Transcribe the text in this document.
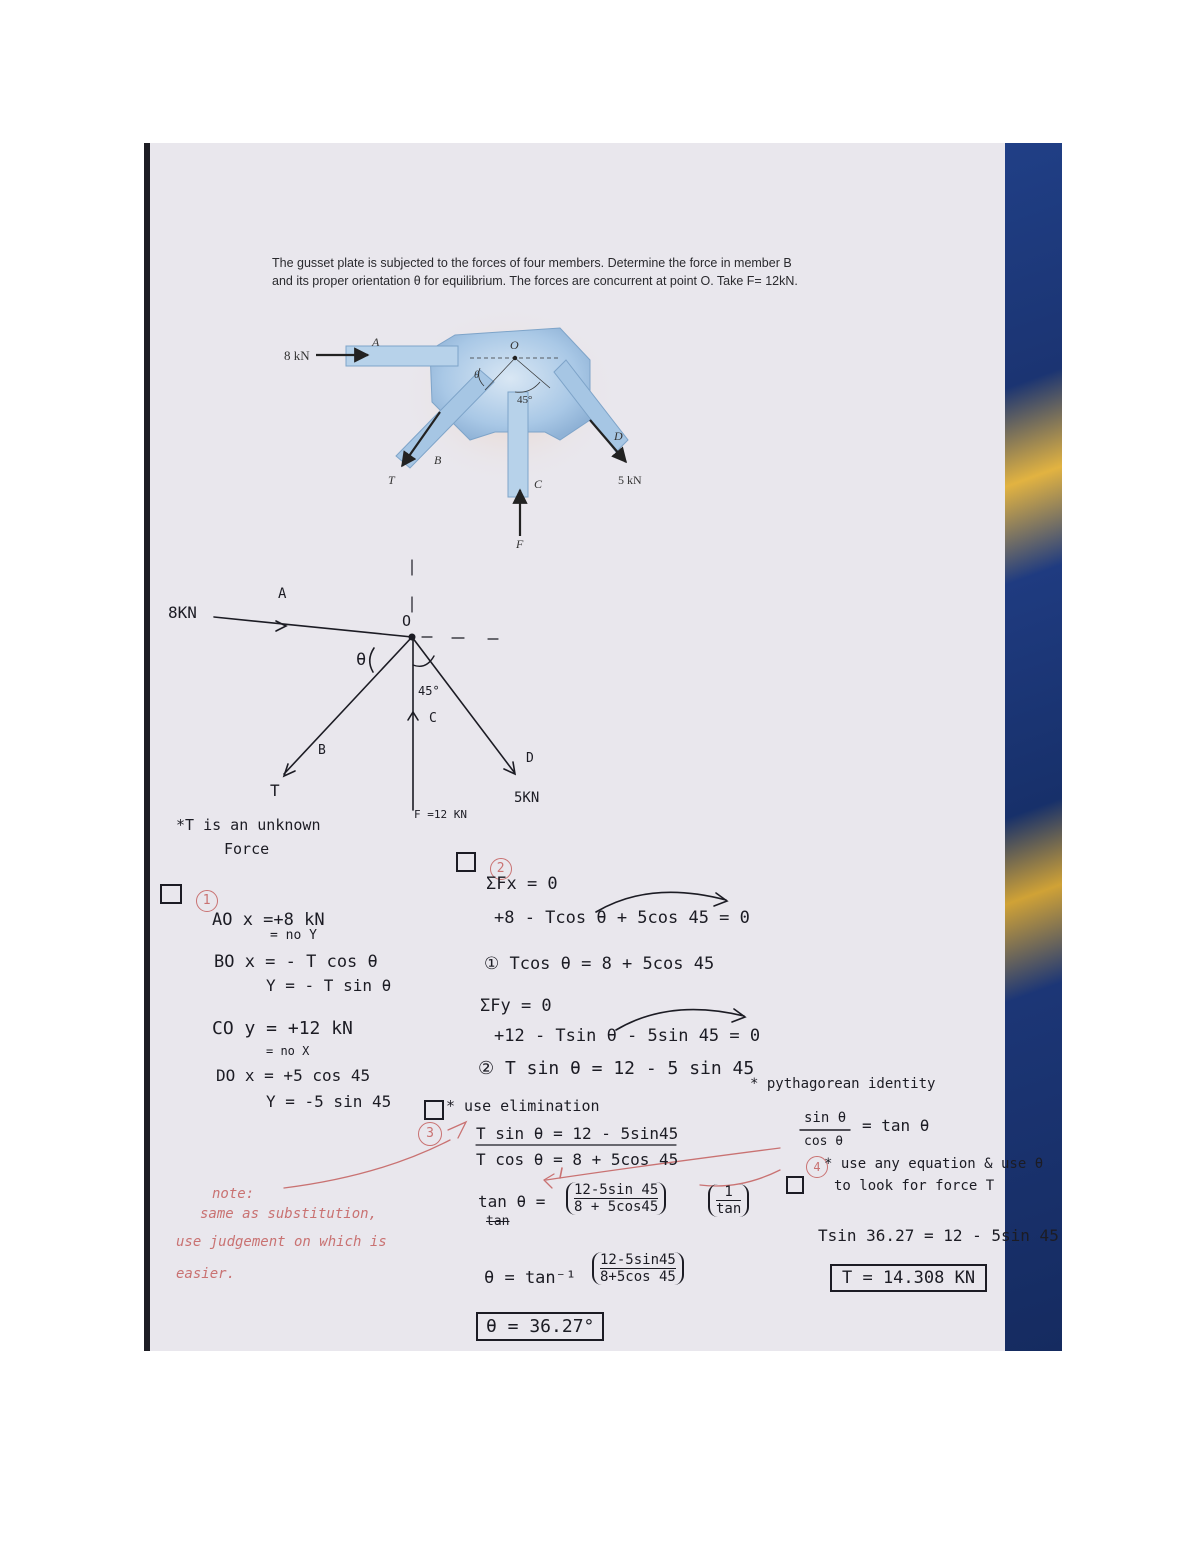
The gusset plate is subjected to the forces of four members. Determine the force in member B
and its proper orientation θ for equilibrium. The forces are concurrent at point O. Take F= 12kN.
8 kN
A	O
θ
45°
B
T	C
F
D
5 kN
8KN
A
O
θ
45°
C
B
T
F =12 KN
D
5KN
*T is an unknown
Force
1
AO x =+8 kN
= no Y
BO x = - T cos θ
Y = - T sin θ
CO y = +12 kN
= no X
DO x = +5 cos 45
Y = -5 sin 45
2
ΣFx = 0
+8 - Tcos θ + 5cos 45 = 0
① Tcos θ = 8 + 5cos 45
ΣFy = 0
+12 - Tsin θ - 5sin 45 = 0
② T sin θ = 12 - 5 sin 45
3
* use elimination
T sin θ = 12 - 5sin45
T cos θ = 8 + 5cos 45
tan θ =
tan
$\frac{12-5\sin 45}{8 + 5\cos 45}$	$\frac{1}{\tan}$
$\theta = \tan^{-1} \frac{12-5\sin 45}{8+5\cos 45}$
θ = 36.27°
note:
same as substitution,
use judgement on which is
easier.
* pythagorean identity
sin θ
cos θ
= tan θ
4 * use any equation & use θ
to look for force T
Tsin 36.27 = 12 - 5sin 45
T = 14.308 KN
